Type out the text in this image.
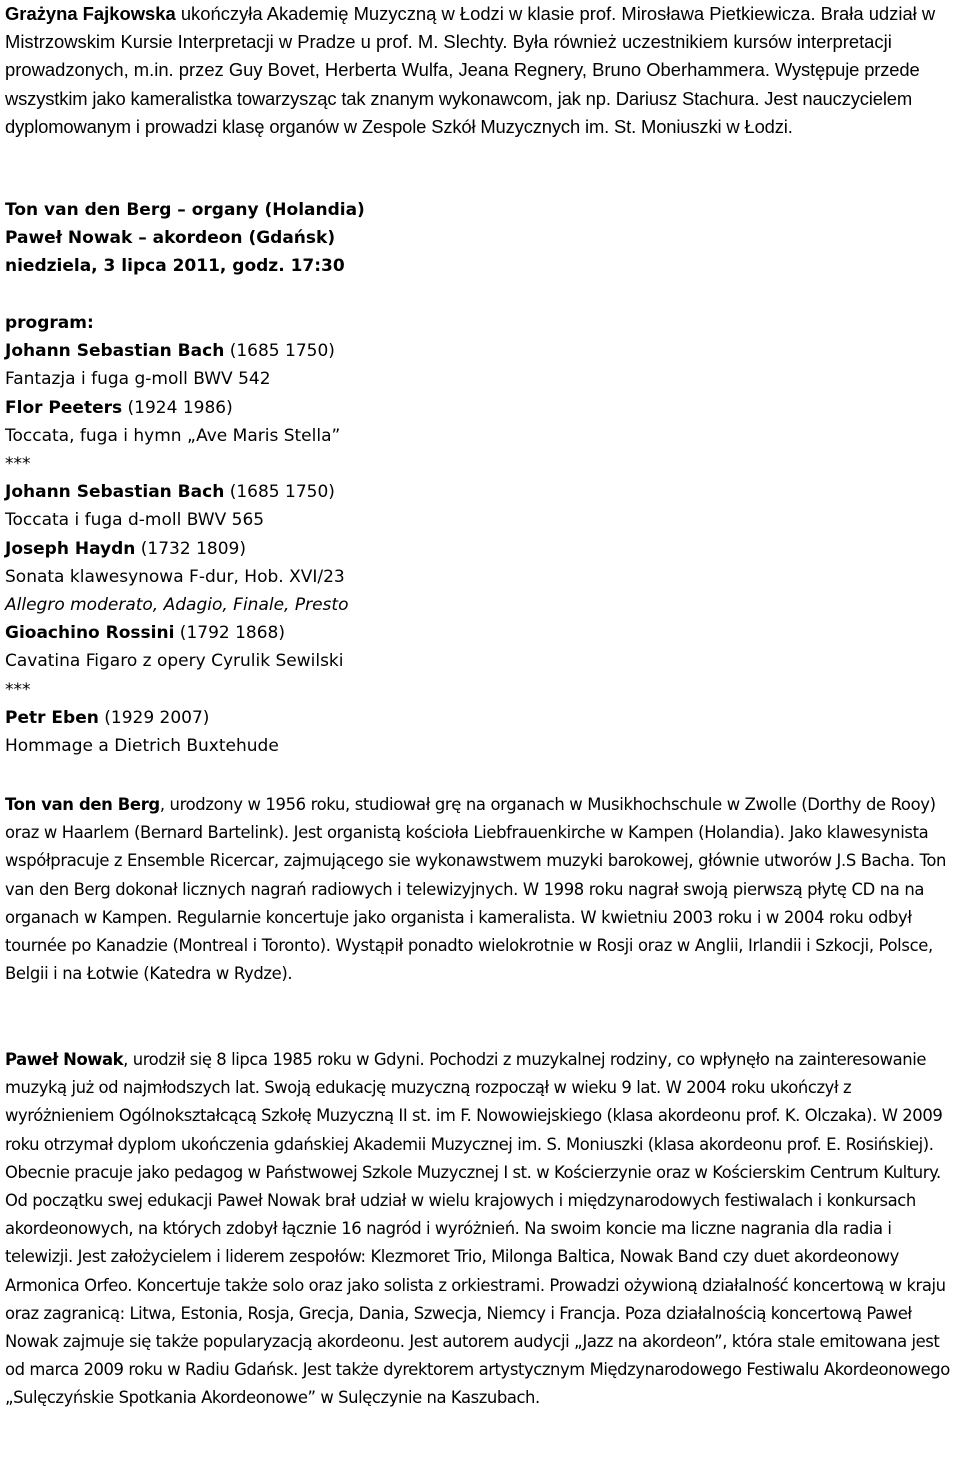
Grażyna Fajkowska ukończyła Akademię Muzyczną w Łodzi w klasie prof. Mirosława Pietkiewicza. Brała udział w Mistrzowskim Kursie Interpretacji w Pradze u prof. M. Slechty. Była również uczestnikiem kursów interpretacji prowadzonych, m.in. przez Guy Bovet, Herberta Wulfa, Jeana Regnery, Bruno Oberhammera. Występuje przede wszystkim jako kameralistka towarzysząc tak znanym wykonawcom, jak np. Dariusz Stachura. Jest nauczycielem dyplomowanym i prowadzi klasę organów w Zespole Szkół Muzycznych im. St. Moniuszki w Łodzi.

Ton van den Berg – organy (Holandia)
Paweł Nowak – akordeon (Gdańsk)
niedziela, 3 lipca 2011, godz. 17:30
program:
Johann Sebastian Bach (1685 1750)
Fantazja i fuga g-moll BWV 542
Flor Peeters (1924 1986)
Toccata, fuga i hymn „Ave Maris Stella”
***
Johann Sebastian Bach (1685 1750)
Toccata i fuga d-moll BWV 565
Joseph Haydn (1732 1809)
Sonata klawesynowa F-dur, Hob. XVI/23
Allegro moderato, Adagio, Finale, Presto
Gioachino Rossini (1792 1868)
Cavatina Figaro z opery Cyrulik Sewilski
***
Petr Eben (1929 2007)
Hommage a Dietrich Buxtehude

Ton van den Berg, urodzony w 1956 roku, studiował grę na organach w Musikhochschule w Zwolle (Dorthy de Rooy) oraz w Haarlem (Bernard Bartelink). Jest organistą kościoła Liebfrauenkirche w Kampen (Holandia). Jako klawesynista współpracuje z Ensemble Ricercar, zajmującego sie wykonawstwem muzyki barokowej, głównie utworów J.S Bacha. Ton van den Berg dokonał licznych nagrań radiowych i telewizyjnych. W 1998 roku nagrał swoją pierwszą płytę CD na na organach w Kampen. Regularnie koncertuje jako organista i kameralista. W kwietniu 2003 roku i w 2004 roku odbył tournée po Kanadzie (Montreal i Toronto). Wystąpił ponadto wielokrotnie w Rosji oraz w Anglii, Irlandii i Szkocji, Polsce, Belgii i na Łotwie (Katedra w Rydze).

Paweł Nowak, urodził się 8 lipca 1985 roku w Gdyni. Pochodzi z muzykalnej rodziny, co wpłynęło na zainteresowanie muzyką już od najmłodszych lat. Swoją edukację muzyczną rozpoczął w wieku 9 lat. W 2004 roku ukończył z wyróżnieniem Ogólnokształcącą Szkołę Muzyczną II st. im F. Nowowiejskiego (klasa akordeonu prof. K. Olczaka). W 2009 roku otrzymał dyplom ukończenia gdańskiej Akademii Muzycznej im. S. Moniuszki (klasa akordeonu prof. E. Rosińskiej). Obecnie pracuje jako pedagog w Państwowej Szkole Muzycznej I st. w Kościerzynie oraz w Kościerskim Centrum Kultury. Od początku swej edukacji Paweł Nowak brał udział w wielu krajowych i międzynarodowych festiwalach i konkursach akordeonowych, na których zdobył łącznie 16 nagród i wyróżnień. Na swoim koncie ma liczne nagrania dla radia i telewizji. Jest założycielem i liderem zespołów: Klezmoret Trio, Milonga Baltica, Nowak Band czy duet akordeonowy Armonica Orfeo. Koncertuje także solo oraz jako solista z orkiestrami. Prowadzi ożywioną działalność koncertową w kraju oraz zagranicą: Litwa, Estonia, Rosja, Grecja, Dania, Szwecja, Niemcy i Francja. Poza działalnością koncertową Paweł Nowak zajmuje się także popularyzacją akordeonu. Jest autorem audycji „Jazz na akordeon”, która stale emitowana jest od marca 2009 roku w Radiu Gdańsk. Jest także dyrektorem artystycznym Międzynarodowego Festiwalu Akordeonowego „Sulęczyńskie Spotkania Akordeonowe” w Sulęczynie na Kaszubach.
